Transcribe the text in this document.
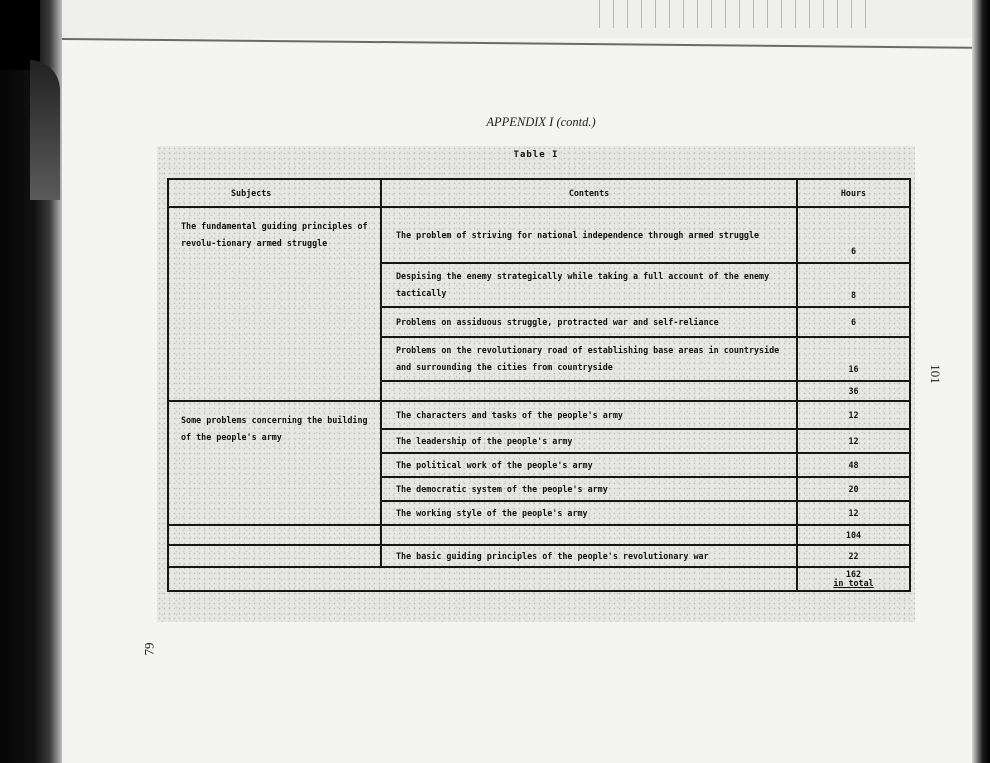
APPENDIX I (contd.)
101
79
Table I
Subjects	Contents	Hours
The fundamental guiding principles of revolu-tionary armed struggle	The problem of striving for national independence through armed struggle	6
	Despising the enemy strategically while taking a full account of the enemy tactically	8
	Problems on assiduous struggle, protracted war and self-reliance	6
	Problems on the revolutionary road of establishing base areas in countryside and surrounding the cities from countryside	16
		36
Some problems concerning the building of the people's army	The characters and tasks of the people's army	12
	The leadership of the people's army	12
	The political work of the people's army	48
	The democratic system of the people's army	20
	The working style of the people's army	12
		104
	The basic guiding principles of the people's revolutionary war	22
		162
in total
